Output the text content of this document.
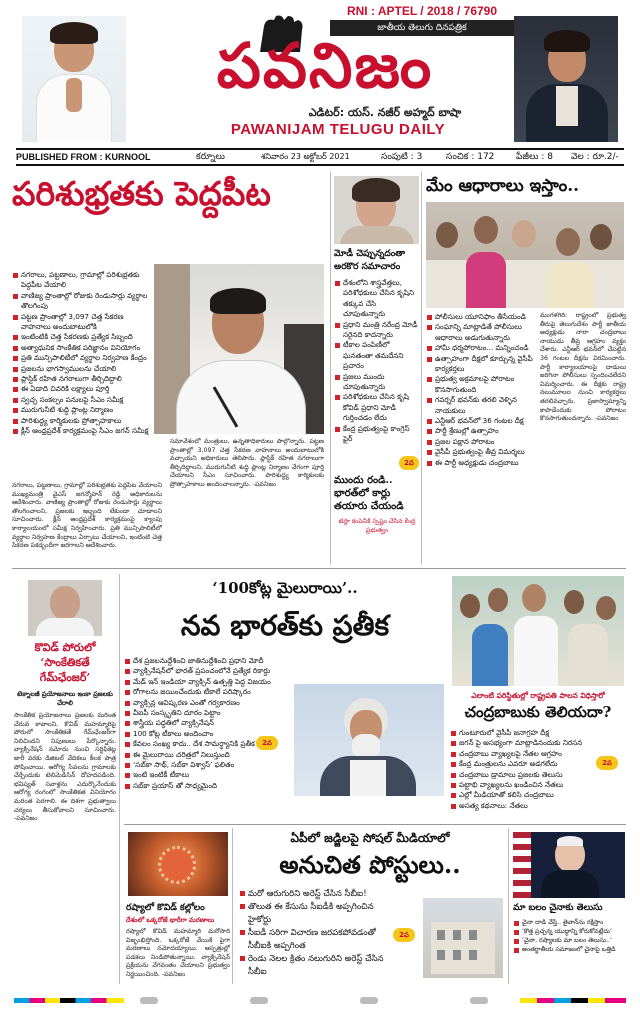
RNI : APTEL / 2018 / 76790
జాతీయ తెలుగు దినపత్రిక
పవనిజం
ఎడిటర్: యస్. నజీర్ అహ్మద్ బాషా
PAWANIJAM TELUGU DAILY
PUBLISHED FROM : KURNOOL	కర్నూలు	శనివారం 23 అక్టోబర్ 2021	సంపుటి : 3	సంచిక : 172 పేజీలు : 8 వెల : రూ.2/-
పరిశుభ్రతకు పెద్దపీట
నగరాలు, పట్టణాలు, గ్రామాల్లో పరిశుభ్రతకు పెద్దపీట వేయాలి
వాణిజ్య ప్రాంతాల్లో రోజుకు రెండుసార్లు వ్యర్థాల తొలగింపు
పట్టణ ప్రాంతాల్లో 3,097 చెత్త సేకరణ వాహనాలు అందుబాటులోకి
ఇంటింటికి చెత్త సేకరణకు ప్రత్యేక సిబ్బంది
అత్యాధునిక సాంకేతిక పరిజ్ఞానం వినియోగం
ప్రతి మున్సిపాలిటీలో వ్యర్థాల నిర్వహణ కేంద్రం
ప్రజలను భాగస్వాములను చేయాలి
ప్లాస్టిక్ రహిత నగరాలుగా తీర్చిదిద్దాలి
ఈ ఏడాది చివరికి లక్ష్యాలు పూర్తి
స్వచ్ఛ సంకల్పం పనులపై సీఎం సమీక్ష
మురుగునీటి శుద్ధి ప్లాంట్ల నిర్మాణం
పారిశుద్ధ్య కార్మికులకు ప్రోత్సాహకాలు
క్లీన్ ఆంధ్రప్రదేశ్ కార్యక్రమంపై సీఎం జగన్ సమీక్ష
నగరాలు, పట్టణాలు, గ్రామాల్లో పరిశుభ్రతకు పెద్దపీట వేయాలని ముఖ్యమంత్రి వైఎస్ జగన్మోహన్ రెడ్డి అధికారులను ఆదేశించారు. వాణిజ్య ప్రాంతాల్లో రోజుకు రెండుసార్లు వ్యర్థాలు తొలగించాలని, ప్రజలకు ఇబ్బంది లేకుండా చూడాలని సూచించారు. క్లీన్ ఆంధ్రప్రదేశ్ కార్యక్రమంపై క్యాంపు కార్యాలయంలో సమీక్ష నిర్వహించారు. ప్రతి మున్సిపాలిటీలో వ్యర్థాల నిర్వహణ కేంద్రాలు ఏర్పాటు చేయాలని, ఇంటింటి చెత్త సేకరణ పకడ్బందీగా జరగాలని ఆదేశించారు.
సమావేశంలో మంత్రులు, ఉన్నతాధికారులు పాల్గొన్నారు. పట్టణ ప్రాంతాల్లో 3,097 చెత్త సేకరణ వాహనాలు అందుబాటులోకి వచ్చాయని అధికారులు తెలిపారు. ప్లాస్టిక్ రహిత నగరాలుగా తీర్చిదిద్దాలని, మురుగునీటి శుద్ధి ప్లాంట్ల నిర్మాణం వేగంగా పూర్తి చేయాలని సీఎం సూచించారు. పారిశుద్ధ్య కార్మికులకు ప్రోత్సాహకాలు అందించాలన్నారు. -పవనిజం
మోడీ చెప్పున్నదంతా
అరకొర సమాచారం
దేశంలోని శాస్త్రవేత్తలు, పరిశోధకులు చేసిన కృషిని తక్కువ చేసి చూపుతున్నారు
ప్రధాని మంత్రి నరేంద్ర మోడీ సరైనది కాదన్నారు
టీకాల పంపిణీలో ఘనతంతా తమదేనని ప్రచారం
ప్రజలు ముందు చూపుతున్నారు
పరిశోధకులు చేసిన కృషి కోవిడ్ ప్రధాని మోడీ గుర్తించడం లేదు
కేంద్ర ప్రభుత్వంపై కాంగ్రెస్ ఫైర్
2వ
ముందు రండి..
భారత్‌లో కార్లు
తయారు చేయండి
టెస్లా కంపెనీకి స్పష్టం చేసిన కేంద్ర ప్రభుత్వం
మేం ఆధారాలు ఇస్తాం..
పోలీసులు యూనిఫాం తీసేయండి
సంఘాన్ని మాట్లాడితే పోలీసులు ఆధారాలు అడుగుతున్నారు
హామీ ధర్మపోరాటం... మన్నించండి
ఉత్సాహంగా దీక్షలో కూర్చున్న వైసీపీ కార్యకర్తలు
ప్రభుత్వ అక్రమాలపై పోరాటం కొనసాగుతుంది
గవర్నర్ భవన్‌కు తరలి వెళ్ళిన నాయకులు
ఎన్టీఆర్ భవన్‌లో 36 గంటల దీక్ష
పార్టీ శ్రేణుల్లో ఉత్సాహం
ప్రజల పక్షాన పోరాటం
వైసీపీ ప్రభుత్వంపై తీవ్ర విమర్శలు
ఈ పార్టీ అధ్యక్షుడు చంద్రబాబు
మంగళగిరి: రాష్ట్రంలో ప్రభుత్వ తీరుపై తెలుగుదేశం పార్టీ జాతీయ అధ్యక్షుడు నారా చంద్రబాబు నాయుడు తీవ్ర ఆగ్రహం వ్యక్తం చేశారు. ఎన్టీఆర్ భవన్‌లో చేపట్టిన 36 గంటల దీక్షను విరమించారు. పార్టీ కార్యాలయాలపై దాడులు జరిగినా పోలీసులు స్పందించలేదని విమర్శించారు. ఈ దీక్షకు రాష్ట్ర నలుమూలల నుంచి కార్యకర్తలు తరలివచ్చారు. ప్రజాస్వామ్యాన్ని కాపాడేందుకు పోరాటం కొనసాగుతుందన్నారు. -పవనిజం
‘100కోట్ల మైలురాయి’..
నవ భారత్‌కు ప్రతీక
దేశ ప్రజలనుద్దేశించి జాతినుద్దేశించి ప్రధాని మోదీ
వ్యాక్సినేషన్‌లో భారత్ ప్రపంచంలోనే ప్రత్యేక రికార్డు
మేడ్ ఇన్ ఇండియా వ్యాక్సిన్ ఉత్పత్తి పెద్ద విజయం
రోగాలను జయించేందుకు టీకాలే పరిష్కారం
వ్యాక్సిన్ల ఆవిష్కరణ ఎంతో గర్వకారణం
వీఐపీ సంస్కృతిని దూరం పెట్టాం
శాస్త్రీయ పద్ధతిలో వ్యాక్సినేషన్
100 కోట్ల టీకాలు అందించాం
కేవలం సంఖ్య కాదు.. దేశ సామర్థ్యానికి ప్రతీక
ఈ మైలురాయి చరిత్రలో నిలుస్తుంది
‘సబ్‌కా సాథ్, సబ్‌కా విశ్వాస్’ ఫలితం
ఇంటి ఇంటికీ టీకాలు
సబ్‌కా ప్రయాస్ తో సాధ్యమైంది
2వ
కొవిడ్ పోరులో
‘సాంకేతికతే
గేమ్‌ఛేంజర్’
టెక్నాలజీ ప్రయోజనాలు ఇంకా ప్రజలకు చేరాలి
సాంకేతిక ప్రయోజనాలు ప్రజలకు మరింత చేరువ కావాలని, కొవిడ్ మహమ్మారిపై పోరులో సాంకేతికతే గేమ్‌ఛేంజర్‌గా నిలిచిందని నిపుణులు పేర్కొన్నారు. వ్యాక్సినేషన్ నమోదు నుంచి సర్టిఫికెట్ల జారీ వరకు డిజిటల్ వేదికలు కీలక పాత్ర పోషించాయి. ఆరోగ్య సేవలను గ్రామాలకు చేర్చేందుకు టెలిమెడిసిన్ దోహదపడింది. భవిష్యత్ సవాళ్లను ఎదుర్కొనేందుకు ఆరోగ్య రంగంలో సాంకేతికత వినియోగం మరింత పెరగాలి. ఈ దిశగా ప్రభుత్వాలు చర్యలు తీసుకోవాలని సూచించారు. -పవనిజం
ఎలాంటి పరిస్థితుల్లో రాష్ట్రపతి పాలన విధిస్తారో
చంద్రబాబుకు తెలియదా?
గుంటూరులో వైసీపీ జనాగ్రహ దీక్ష
జగన్ పై అసభ్యంగా మాట్లాడినందుకు నిరసన
చంద్రబాబు వ్యాఖ్యలపై నేతల ఆగ్రహం
కేంద్ర మంత్రులను ఎవరూ అడగలేదు
చంద్రబాబు డ్రామాలు ప్రజలకు తెలుసు
పట్టాభి వ్యాఖ్యలను ఖండించిన నేతలు
ఎల్లో మీడియాతో కలిసి చంద్రబాబు
అసత్య కథనాలు: నేతలు
2వ
రష్యాలో కొవిడ్ కల్లోలం
దేశంలో ఒక్కరోజే భారీగా మరణాలు
రష్యాలో కొవిడ్ మహమ్మారి మరోసారి విజృంభిస్తోంది. ఒక్కరోజే వేయికి పైగా మరణాలు నమోదయ్యాయి. ఆస్పత్రుల్లో పడకలు నిండిపోతున్నాయి. వ్యాక్సినేషన్ ప్రక్రియను వేగవంతం చేయాలని ప్రభుత్వం నిర్ణయించింది. -పవనిజం
ఏపీలో జడ్జిలపై సోషల్ మీడియాలో
అనుచిత పోస్టులు..
మరో ఆరుగురిని అరెస్ట్ చేసిన సీబీఐ!
తొలుత ఈ కేసును సీఐడీకి అప్పగించిన హైకోర్టు
సీఐడీ సరిగా విచారణ జరపకపోవడంతో సీబీఐకి అప్పగింత
రెండు నెలల క్రితం నలుగురిని అరెస్ట్ చేసిన సీబీఐ
2వ
మా బలం చైనాకు తెలుసు
చైనా దాడి చేస్తే.. తైవాన్‌ను రక్షిస్తాం
‘కొత్త ప్రచ్చన్న యుద్ధాన్ని కోరుకోవట్లేదు’
‘చైనా, రష్యాలకు మా బలం తెలుసు..’
అంతర్జాతీయ సమాజంలో చైనాపై ఒత్తిడి
